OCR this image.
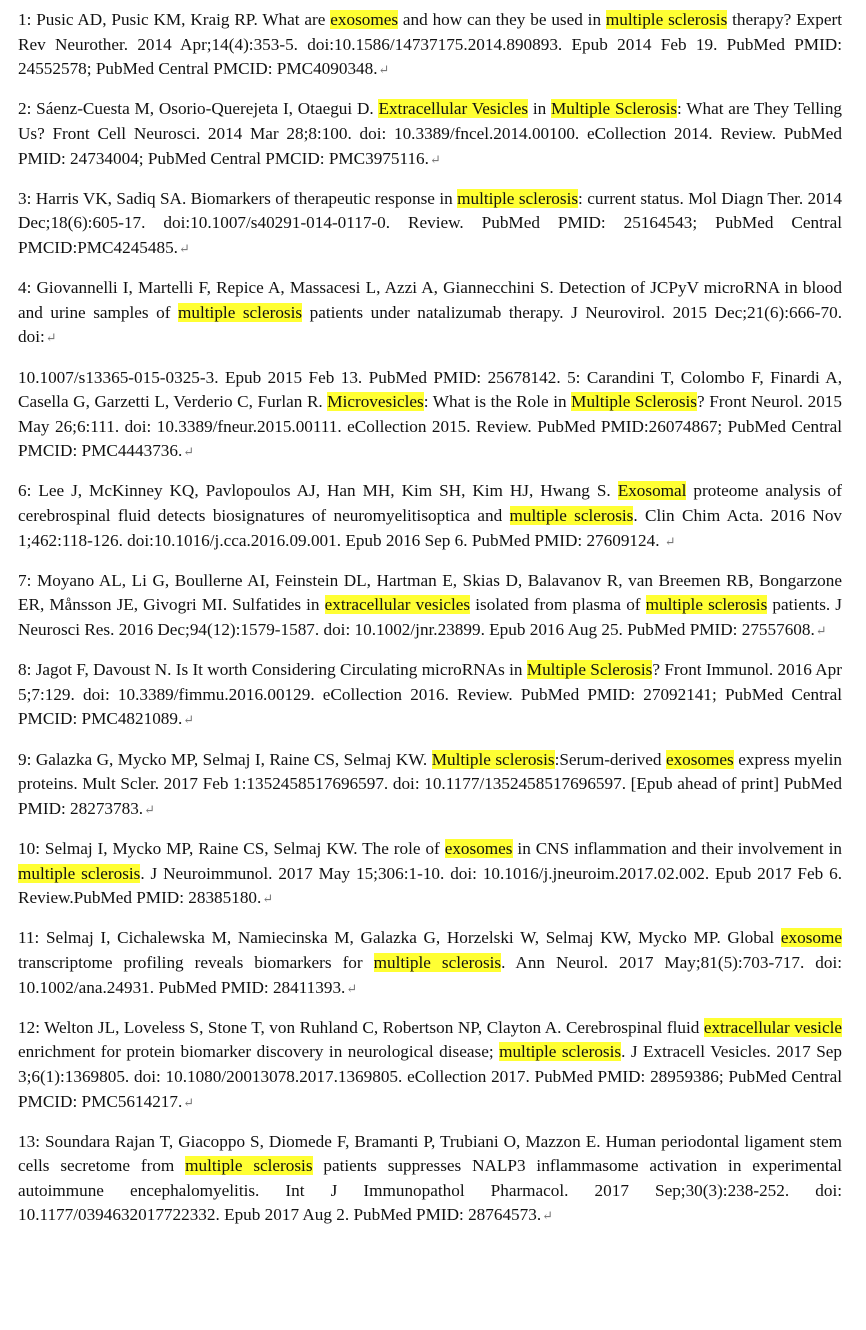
1: Pusic AD, Pusic KM, Kraig RP. What are exosomes and how can they be used in multiple sclerosis therapy? Expert Rev Neurother. 2014 Apr;14(4):353-5. doi:10.1586/14737175.2014.890893. Epub 2014 Feb 19. PubMed PMID: 24552578; PubMed Central PMCID: PMC4090348.↵

2: Sáenz-Cuesta M, Osorio-Querejeta I, Otaegui D. Extracellular Vesicles in Multiple Sclerosis: What are They Telling Us? Front Cell Neurosci. 2014 Mar 28;8:100. doi: 10.3389/fncel.2014.00100. eCollection 2014. Review. PubMed PMID: 24734004; PubMed Central PMCID: PMC3975116.↵

3: Harris VK, Sadiq SA. Biomarkers of therapeutic response in multiple sclerosis: current status. Mol Diagn Ther. 2014 Dec;18(6):605-17. doi:10.1007/s40291-014-0117-0. Review. PubMed PMID: 25164543; PubMed Central PMCID:PMC4245485.↵

4: Giovannelli I, Martelli F, Repice A, Massacesi L, Azzi A, Giannecchini S. Detection of JCPyV microRNA in blood and urine samples of multiple sclerosis patients under natalizumab therapy. J Neurovirol. 2015 Dec;21(6):666-70. doi:↵

10.1007/s13365-015-0325-3. Epub 2015 Feb 13. PubMed PMID: 25678142. 5: Carandini T, Colombo F, Finardi A, Casella G, Garzetti L, Verderio C, Furlan R. Microvesicles: What is the Role in Multiple Sclerosis? Front Neurol. 2015 May 26;6:111. doi: 10.3389/fneur.2015.00111. eCollection 2015. Review. PubMed PMID:26074867; PubMed Central PMCID: PMC4443736.↵

6: Lee J, McKinney KQ, Pavlopoulos AJ, Han MH, Kim SH, Kim HJ, Hwang S. Exosomal proteome analysis of cerebrospinal fluid detects biosignatures of neuromyelitisoptica and multiple sclerosis. Clin Chim Acta. 2016 Nov 1;462:118-126. doi:10.1016/j.cca.2016.09.001. Epub 2016 Sep 6. PubMed PMID: 27609124. ↵

7: Moyano AL, Li G, Boullerne AI, Feinstein DL, Hartman E, Skias D, Balavanov R, van Breemen RB, Bongarzone ER, Månsson JE, Givogri MI. Sulfatides in extracellular vesicles isolated from plasma of multiple sclerosis patients. J Neurosci Res. 2016 Dec;94(12):1579-1587. doi: 10.1002/jnr.23899. Epub 2016 Aug 25. PubMed PMID: 27557608.↵

8: Jagot F, Davoust N. Is It worth Considering Circulating microRNAs in Multiple Sclerosis? Front Immunol. 2016 Apr 5;7:129. doi: 10.3389/fimmu.2016.00129. eCollection 2016. Review. PubMed PMID: 27092141; PubMed Central PMCID: PMC4821089.↵

9: Galazka G, Mycko MP, Selmaj I, Raine CS, Selmaj KW. Multiple sclerosis:Serum-derived exosomes express myelin proteins. Mult Scler. 2017 Feb 1:1352458517696597. doi: 10.1177/1352458517696597. [Epub ahead of print] PubMed PMID: 28273783.↵

10: Selmaj I, Mycko MP, Raine CS, Selmaj KW. The role of exosomes in CNS inflammation and their involvement in multiple sclerosis. J Neuroimmunol. 2017 May 15;306:1-10. doi: 10.1016/j.jneuroim.2017.02.002. Epub 2017 Feb 6. Review.PubMed PMID: 28385180.↵

11: Selmaj I, Cichalewska M, Namiecinska M, Galazka G, Horzelski W, Selmaj KW, Mycko MP. Global exosome transcriptome profiling reveals biomarkers for multiple sclerosis. Ann Neurol. 2017 May;81(5):703-717. doi: 10.1002/ana.24931. PubMed PMID: 28411393.↵

12: Welton JL, Loveless S, Stone T, von Ruhland C, Robertson NP, Clayton A. Cerebrospinal fluid extracellular vesicle enrichment for protein biomarker discovery in neurological disease; multiple sclerosis. J Extracell Vesicles. 2017 Sep 3;6(1):1369805. doi: 10.1080/20013078.2017.1369805. eCollection 2017. PubMed PMID: 28959386; PubMed Central PMCID: PMC5614217.↵

13: Soundara Rajan T, Giacoppo S, Diomede F, Bramanti P, Trubiani O, Mazzon E. Human periodontal ligament stem cells secretome from multiple sclerosis patients suppresses NALP3 inflammasome activation in experimental autoimmune encephalomyelitis. Int J Immunopathol Pharmacol. 2017 Sep;30(3):238-252. doi: 10.1177/0394632017722332. Epub 2017 Aug 2. PubMed PMID: 28764573.↵
